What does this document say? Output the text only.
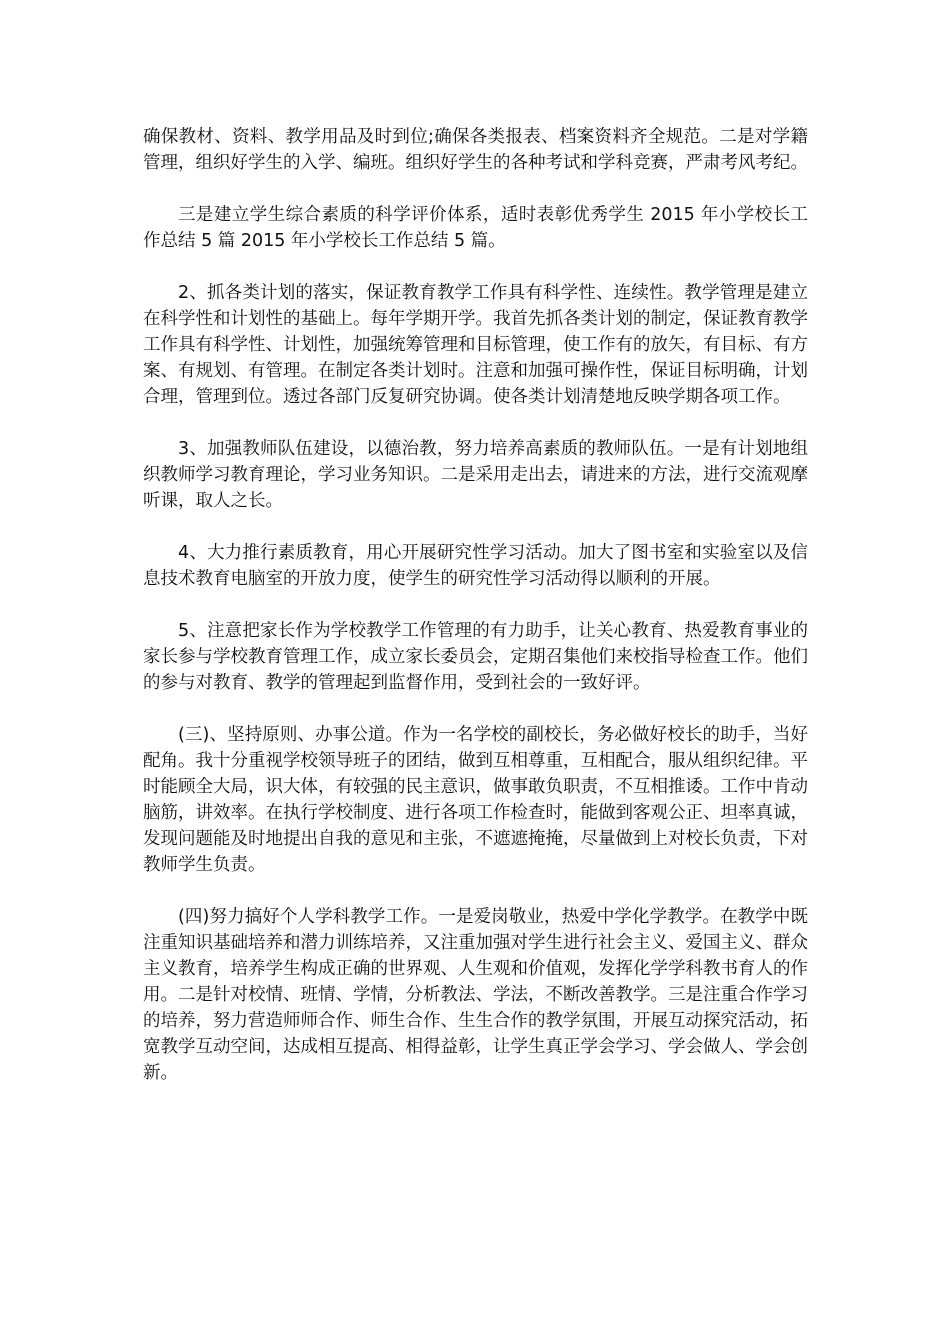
确保教材、资料、教学用品及时到位;确保各类报表、档案资料齐全规范。二是对学籍管理，组织好学生的入学、编班。组织好学生的各种考试和学科竞赛，严肃考风考纪。

三是建立学生综合素质的科学评价体系，适时表彰优秀学生 2015 年小学校长工作总结 5 篇 2015 年小学校长工作总结 5 篇。

2、抓各类计划的落实，保证教育教学工作具有科学性、连续性。教学管理是建立在科学性和计划性的基础上。每年学期开学。我首先抓各类计划的制定，保证教育教学工作具有科学性、计划性，加强统筹管理和目标管理，使工作有的放矢，有目标、有方案、有规划、有管理。在制定各类计划时。注意和加强可操作性，保证目标明确，计划合理，管理到位。透过各部门反复研究协调。使各类计划清楚地反映学期各项工作。

3、加强教师队伍建设，以德治教，努力培养高素质的教师队伍。一是有计划地组织教师学习教育理论，学习业务知识。二是采用走出去，请进来的方法，进行交流观摩听课，取人之长。

4、大力推行素质教育，用心开展研究性学习活动。加大了图书室和实验室以及信息技术教育电脑室的开放力度，使学生的研究性学习活动得以顺利的开展。

5、注意把家长作为学校教学工作管理的有力助手，让关心教育、热爱教育事业的家长参与学校教育管理工作，成立家长委员会，定期召集他们来校指导检查工作。他们的参与对教育、教学的管理起到监督作用，受到社会的一致好评。

(三)、坚持原则、办事公道。作为一名学校的副校长，务必做好校长的助手，当好配角。我十分重视学校领导班子的团结，做到互相尊重，互相配合，服从组织纪律。平时能顾全大局，识大体，有较强的民主意识，做事敢负职责，不互相推诿。工作中肯动脑筋，讲效率。在执行学校制度、进行各项工作检查时，能做到客观公正、坦率真诚，发现问题能及时地提出自我的意见和主张，不遮遮掩掩，尽量做到上对校长负责，下对教师学生负责。

(四)努力搞好个人学科教学工作。一是爱岗敬业，热爱中学化学教学。在教学中既注重知识基础培养和潜力训练培养，又注重加强对学生进行社会主义、爱国主义、群众主义教育，培养学生构成正确的世界观、人生观和价值观，发挥化学学科教书育人的作用。二是针对校情、班情、学情，分析教法、学法，不断改善教学。三是注重合作学习的培养，努力营造师师合作、师生合作、生生合作的教学氛围，开展互动探究活动，拓宽教学互动空间，达成相互提高、相得益彰，让学生真正学会学习、学会做人、学会创新。
